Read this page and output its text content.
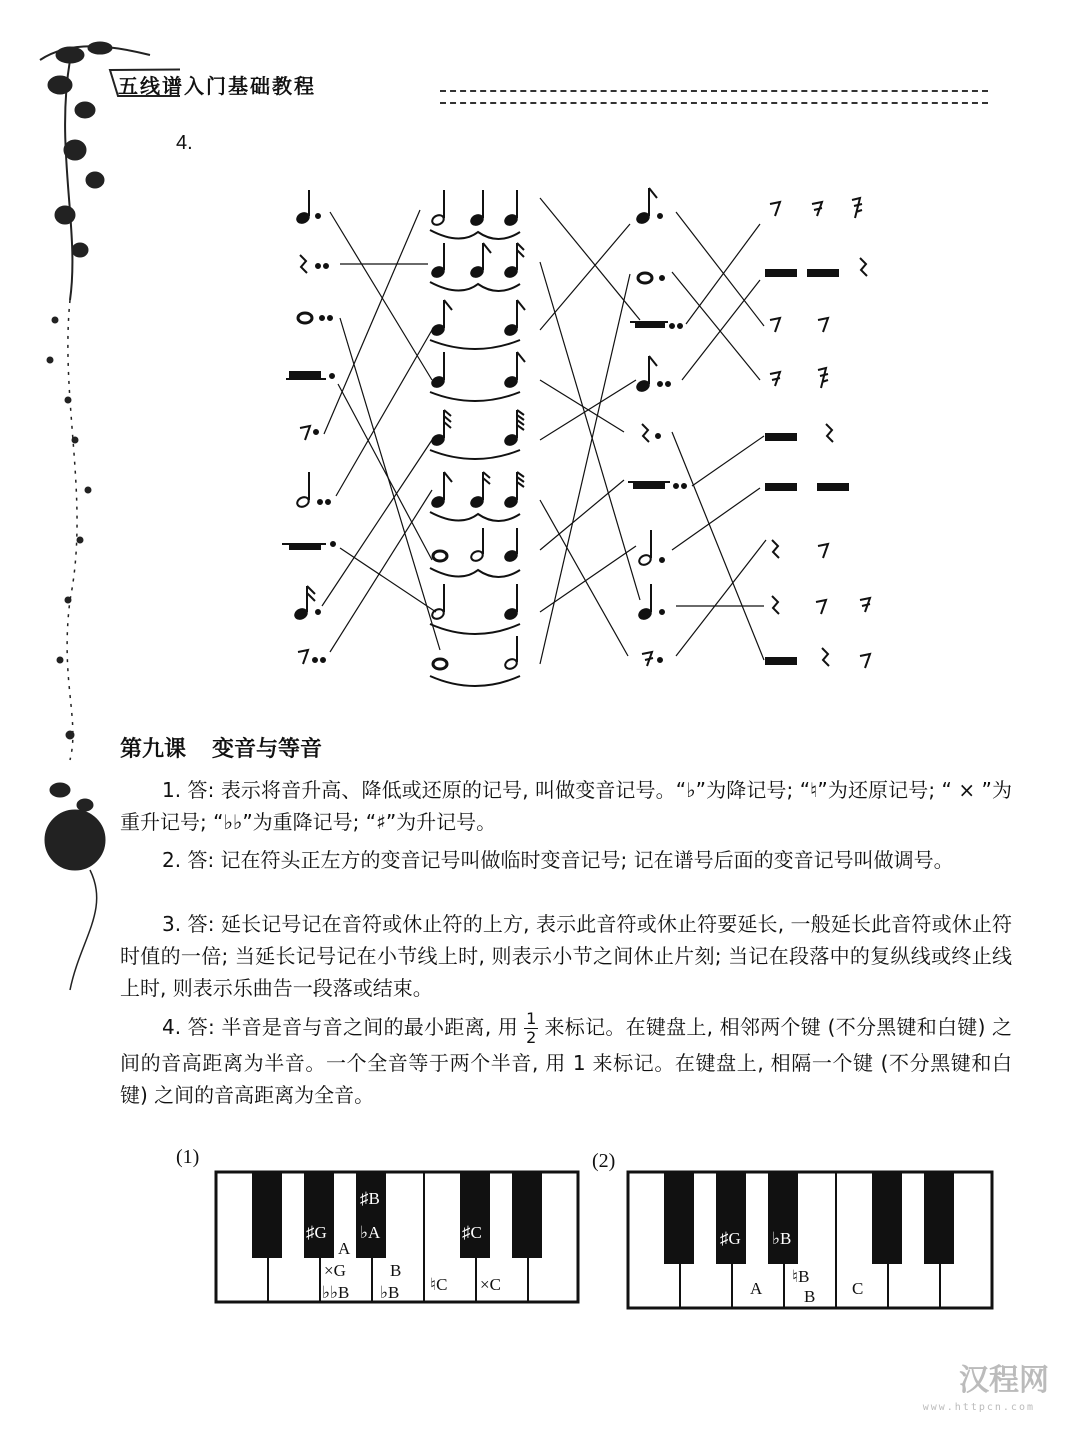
五线谱入门基础教程
4.
第九课 变音与等音
1. 答: 表示将音升高、降低或还原的记号, 叫做变音记号。“♭”为降记号; “♮”为还原记号; “ × ”为重升记号; “♭♭”为重降记号; “♯”为升记号。
2. 答: 记在符头正左方的变音记号叫做临时变音记号; 记在谱号后面的变音记号叫做调号。
3. 答: 延长记号记在音符或休止符的上方, 表示此音符或休止符要延长, 一般延长此音符或休止符时值的一倍; 当延长记号记在小节线上时, 则表示小节之间休止片刻; 当记在段落中的复纵线或终止线上时, 则表示乐曲告一段落或结束。
4. 答: 半音是音与音之间的最小距离, 用 $\frac{1}{2}$ 来标记。在键盘上, 相邻两个键 (不分黑键和白键) 之间的音高距离为半音。一个全音等于两个半音, 用 1 来标记。在键盘上, 相隔一个键 (不分黑键和白键) 之间的音高距离为全音。
(1)
♯G ♭A
♯B
♯C
A
×G
♭♭B
B
♭B ♮C ×C
(2)
♯G ♭B
A
♮B
B C
汉程网
www.httpcn.com
